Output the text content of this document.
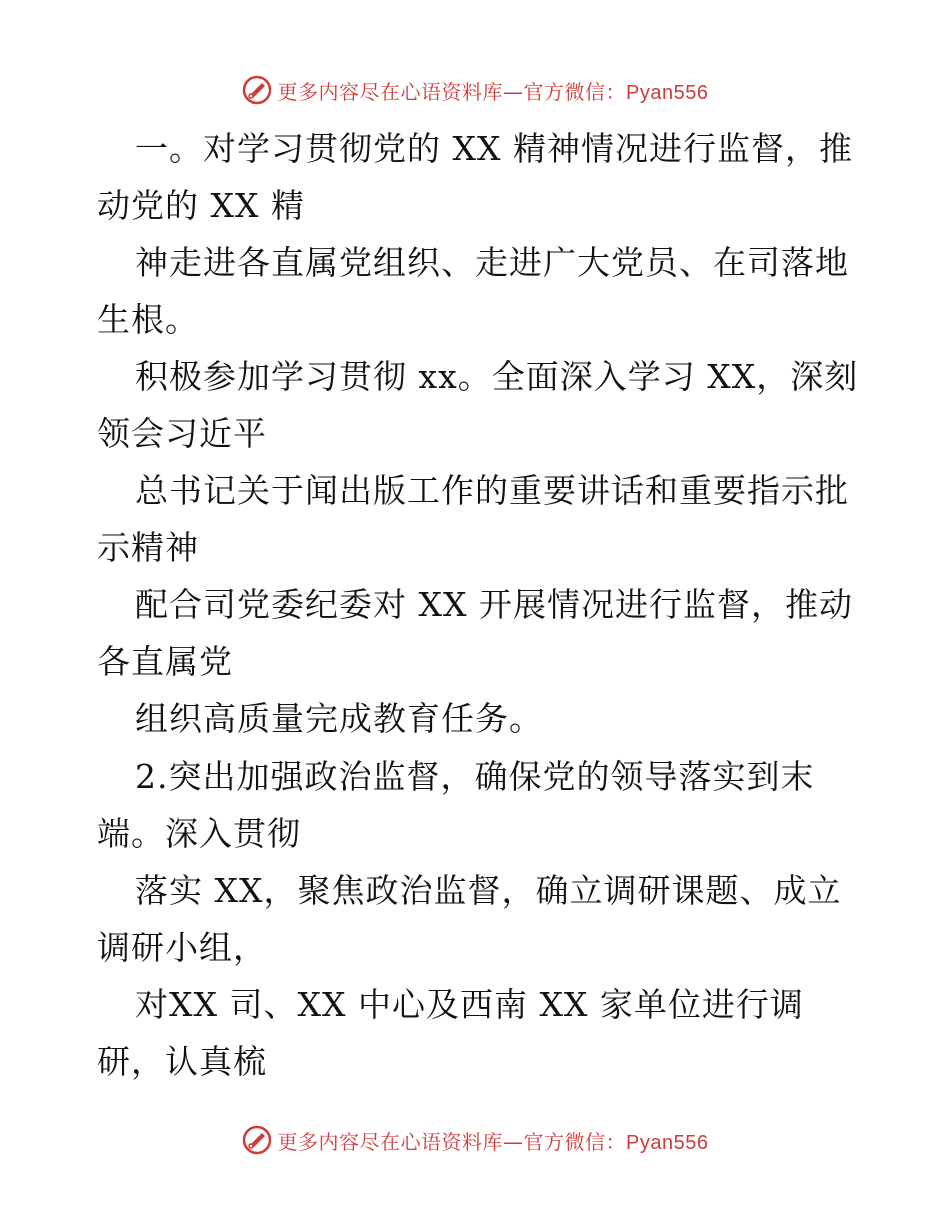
更多内容尽在心语资料库—官方微信：Pyan556
一。对学习贯彻党的 XX 精神情况进行监督，推
动党的 XX 精
神走进各直属党组织、走进广大党员、在司落地
生根。
积极参加学习贯彻 xx。全面深入学习 XX，深刻
领会习近平
总书记关于闻出版工作的重要讲话和重要指示批
示精神
配合司党委纪委对 XX 开展情况进行监督，推动
各直属党
组织高质量完成教育任务。
2.突出加强政治监督，确保党的领导落实到末
端。深入贯彻
落实 XX，聚焦政治监督，确立调研课题、成立
调研小组，
对XX 司、XX 中心及西南 XX 家单位进行调
研，认真梳
更多内容尽在心语资料库—官方微信：Pyan556
